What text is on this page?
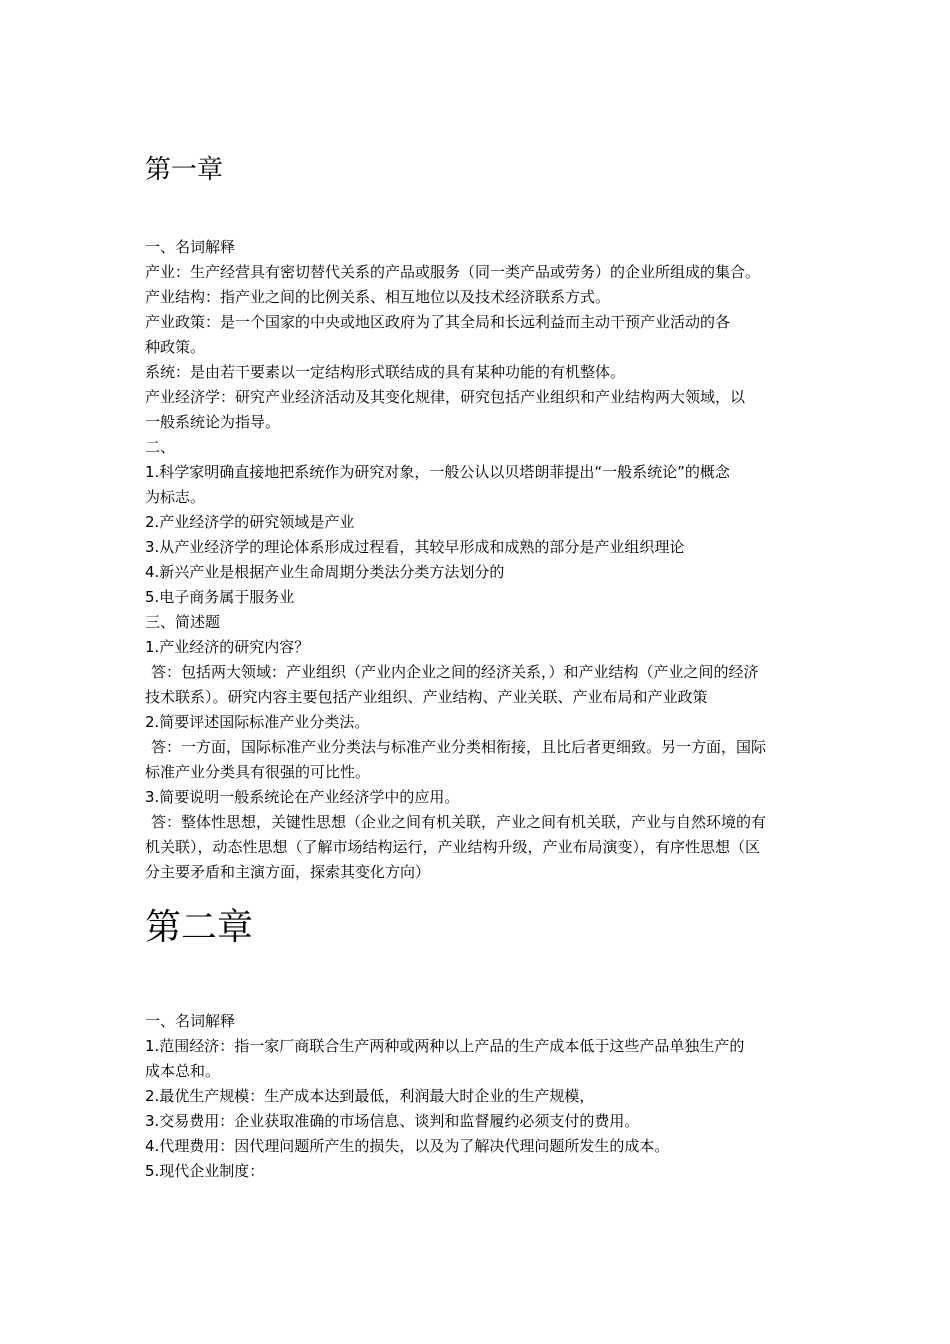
第一章

一、名词解释

产业：生产经营具有密切替代关系的产品或服务（同一类产品或劳务）的企业所组成的集合。

产业结构：指产业之间的比例关系、相互地位以及技术经济联系方式。

产业政策：是一个国家的中央或地区政府为了其全局和长远利益而主动干预产业活动的各

种政策。

系统：是由若干要素以一定结构形式联结成的具有某种功能的有机整体。

产业经济学：研究产业经济活动及其变化规律，研究包括产业组织和产业结构两大领域，以

一般系统论为指导。

二、

1.科学家明确直接地把系统作为研究对象，一般公认以贝塔朗菲提出“一般系统论”的概念

为标志。

2.产业经济学的研究领域是产业

3.从产业经济学的理论体系形成过程看，其较早形成和成熟的部分是产业组织理论

4.新兴产业是根据产业生命周期分类法分类方法划分的

5.电子商务属于服务业

三、简述题

1.产业经济的研究内容？

答：包括两大领域：产业组织（产业内企业之间的经济关系，）和产业结构（产业之间的经济

技术联系）。研究内容主要包括产业组织、产业结构、产业关联、产业布局和产业政策

2.简要评述国际标准产业分类法。

答：一方面，国际标准产业分类法与标准产业分类相衔接，且比后者更细致。另一方面，国际

标准产业分类具有很强的可比性。

3.简要说明一般系统论在产业经济学中的应用。

答：整体性思想，关键性思想（企业之间有机关联，产业之间有机关联，产业与自然环境的有

机关联），动态性思想（了解市场结构运行，产业结构升级，产业布局演变），有序性思想（区

分主要矛盾和主演方面，探索其变化方向）

第二章

一、名词解释

1.范围经济：指一家厂商联合生产两种或两种以上产品的生产成本低于这些产品单独生产的

成本总和。

2.最优生产规模：生产成本达到最低，利润最大时企业的生产规模，

3.交易费用：企业获取准确的市场信息、谈判和监督履约必须支付的费用。

4.代理费用：因代理问题所产生的损失，以及为了解决代理问题所发生的成本。

5.现代企业制度：
